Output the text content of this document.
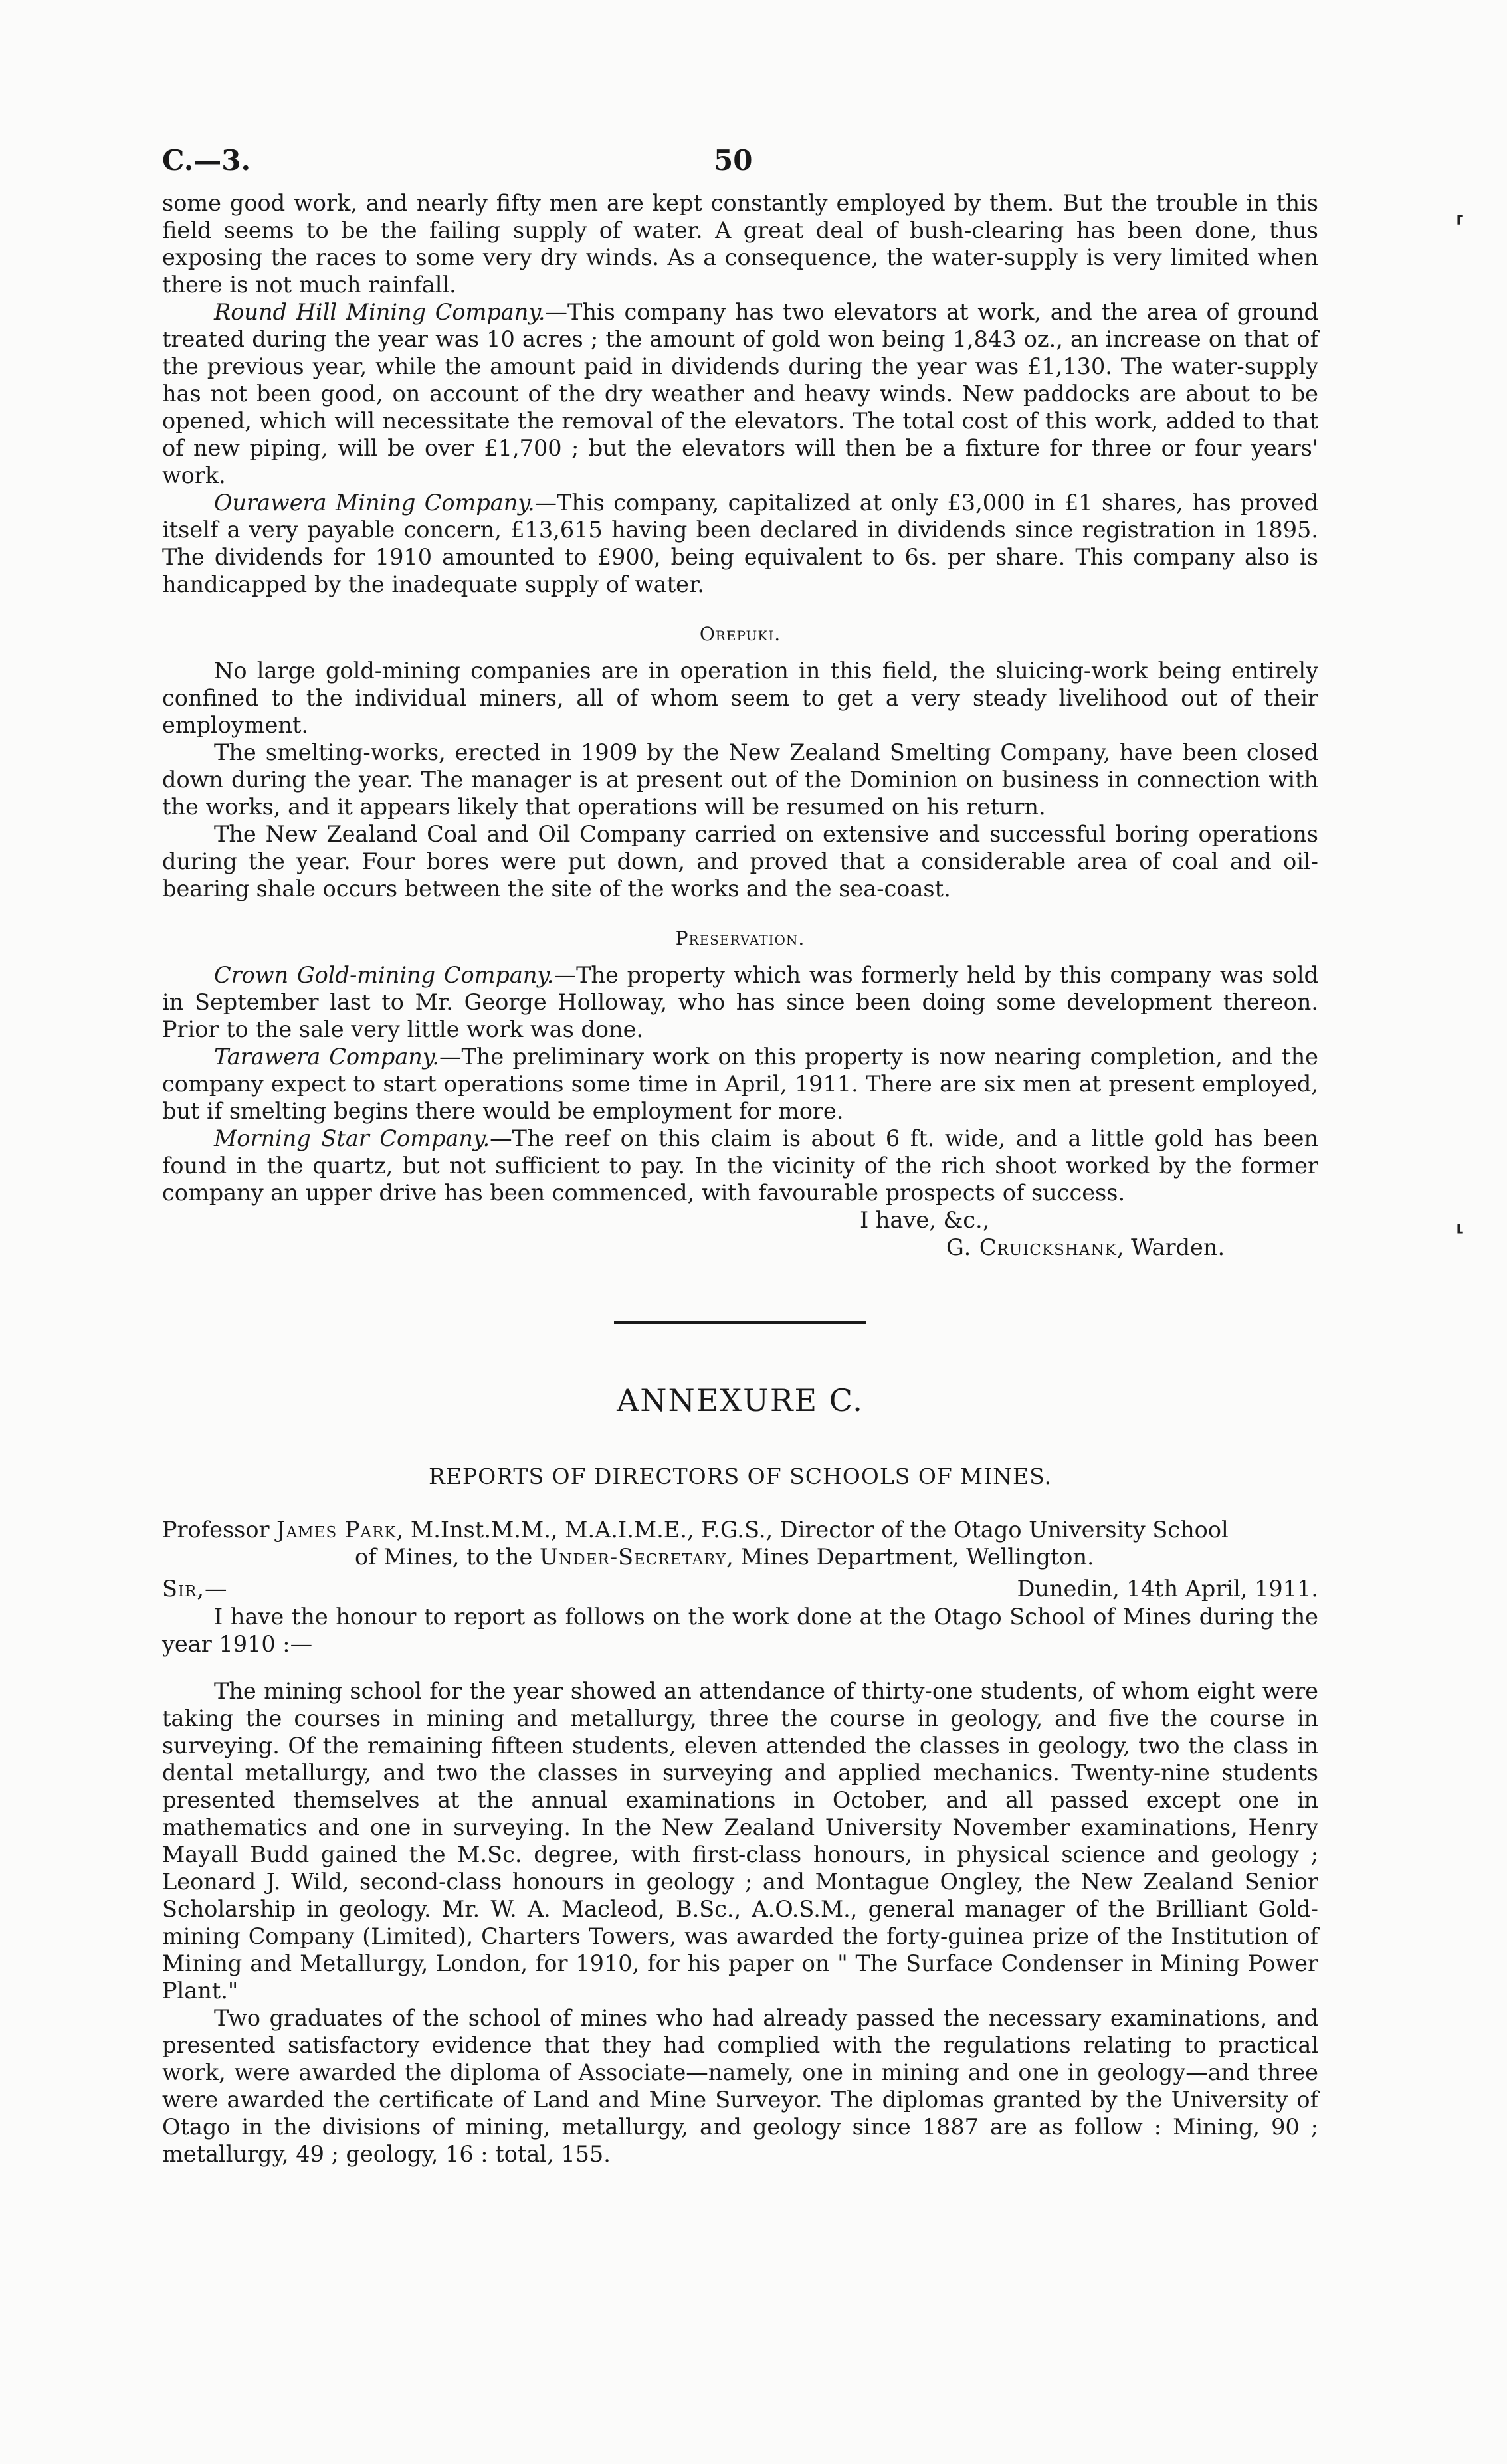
⸢
⸤
C.—3.	50

some good work, and nearly fifty men are kept constantly employed by them. But the trouble in this field seems to be the failing supply of water. A great deal of bush-clearing has been done, thus exposing the races to some very dry winds. As a consequence, the water-supply is very limited when there is not much rainfall.

Round Hill Mining Company.—This company has two elevators at work, and the area of ground treated during the year was 10 acres ; the amount of gold won being 1,843 oz., an increase on that of the previous year, while the amount paid in dividends during the year was £1,130. The water-supply has not been good, on account of the dry weather and heavy winds. New paddocks are about to be opened, which will necessitate the removal of the elevators. The total cost of this work, added to that of new piping, will be over £1,700 ; but the elevators will then be a fixture for three or four years' work.

Ourawera Mining Company.—This company, capitalized at only £3,000 in £1 shares, has proved itself a very payable concern, £13,615 having been declared in dividends since registration in 1895. The dividends for 1910 amounted to £900, being equivalent to 6s. per share. This company also is handicapped by the inadequate supply of water.

Orepuki.

No large gold-mining companies are in operation in this field, the sluicing-work being entirely confined to the individual miners, all of whom seem to get a very steady livelihood out of their employment.

The smelting-works, erected in 1909 by the New Zealand Smelting Company, have been closed down during the year. The manager is at present out of the Dominion on business in connection with the works, and it appears likely that operations will be resumed on his return.

The New Zealand Coal and Oil Company carried on extensive and successful boring operations during the year. Four bores were put down, and proved that a considerable area of coal and oil-bearing shale occurs between the site of the works and the sea-coast.

Preservation.

Crown Gold-mining Company.—The property which was formerly held by this company was sold in September last to Mr. George Holloway, who has since been doing some development thereon. Prior to the sale very little work was done.

Tarawera Company.—The preliminary work on this property is now nearing completion, and the company expect to start operations some time in April, 1911. There are six men at present employed, but if smelting begins there would be employment for more.

Morning Star Company.—The reef on this claim is about 6 ft. wide, and a little gold has been found in the quartz, but not sufficient to pay. In the vicinity of the rich shoot worked by the former company an upper drive has been commenced, with favourable prospects of success.

I have, &c.,
G. Cruickshank, Warden.
ANNEXURE C.
REPORTS OF DIRECTORS OF SCHOOLS OF MINES.
Professor James Park, M.Inst.M.M., M.A.I.M.E., F.G.S., Director of the Otago University School
of Mines, to the Under-Secretary, Mines Department, Wellington.
Sir,—	Dunedin, 14th April, 1911.

I have the honour to report as follows on the work done at the Otago School of Mines during the year 1910 :—

The mining school for the year showed an attendance of thirty-one students, of whom eight were taking the courses in mining and metallurgy, three the course in geology, and five the course in surveying. Of the remaining fifteen students, eleven attended the classes in geology, two the class in dental metallurgy, and two the classes in surveying and applied mechanics. Twenty-nine students presented themselves at the annual examinations in October, and all passed except one in mathematics and one in surveying. In the New Zealand University November examinations, Henry Mayall Budd gained the M.Sc. degree, with first-class honours, in physical science and geology ; Leonard J. Wild, second-class honours in geology ; and Montague Ongley, the New Zealand Senior Scholarship in geology. Mr. W. A. Macleod, B.Sc., A.O.S.M., general manager of the Brilliant Gold-mining Company (Limited), Charters Towers, was awarded the forty-guinea prize of the Institution of Mining and Metallurgy, London, for 1910, for his paper on " The Surface Condenser in Mining Power Plant."

Two graduates of the school of mines who had already passed the necessary examinations, and presented satisfactory evidence that they had complied with the regulations relating to practical work, were awarded the diploma of Associate—namely, one in mining and one in geology—and three were awarded the certificate of Land and Mine Surveyor. The diplomas granted by the University of Otago in the divisions of mining, metallurgy, and geology since 1887 are as follow : Mining, 90 ; metallurgy, 49 ; geology, 16 : total, 155.
